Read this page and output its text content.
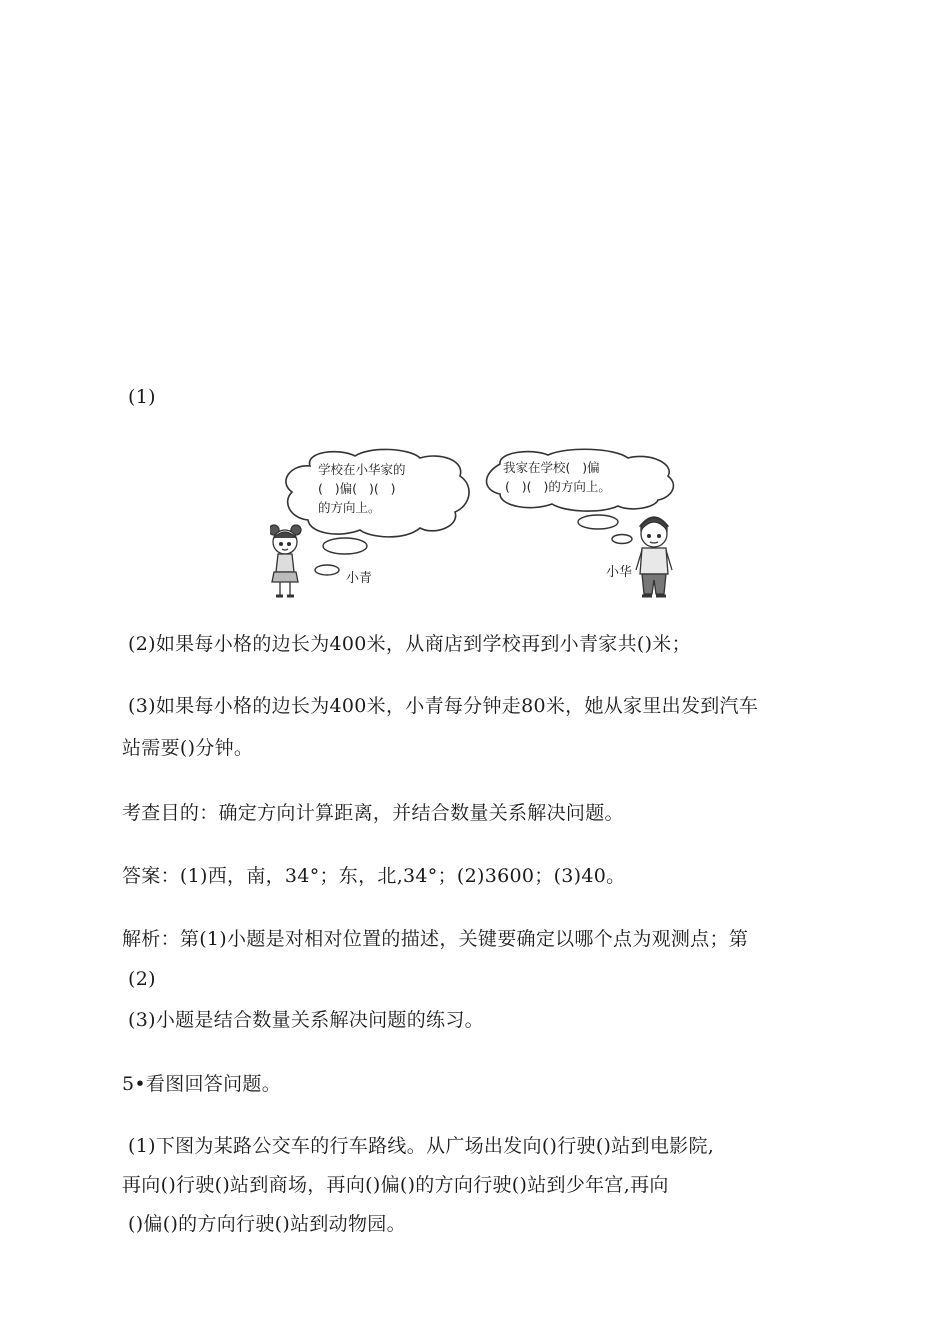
(1)
学校在小华家的
(   )偏(   )(   )
的方向上。
我家在学校(   )偏
(   )(   )的方向上。
小青	小华
(2)如果每小格的边长为400米，从商店到学校再到小青家共()米；
(3)如果每小格的边长为400米，小青每分钟走80米，她从家里出发到汽车
站需要()分钟。
考查目的：确定方向计算距离，并结合数量关系解决问题。
答案：(1)西，南，34°；东，北,34°；(2)3600；(3)40。
解析：第(1)小题是对相对位置的描述，关键要确定以哪个点为观测点；第
(2)
(3)小题是结合数量关系解决问题的练习。
5•看图回答问题。
(1)下图为某路公交车的行车路线。从广场出发向()行驶()站到电影院,
再向()行驶()站到商场，再向()偏()的方向行驶()站到少年宫,再向
()偏()的方向行驶()站到动物园。
